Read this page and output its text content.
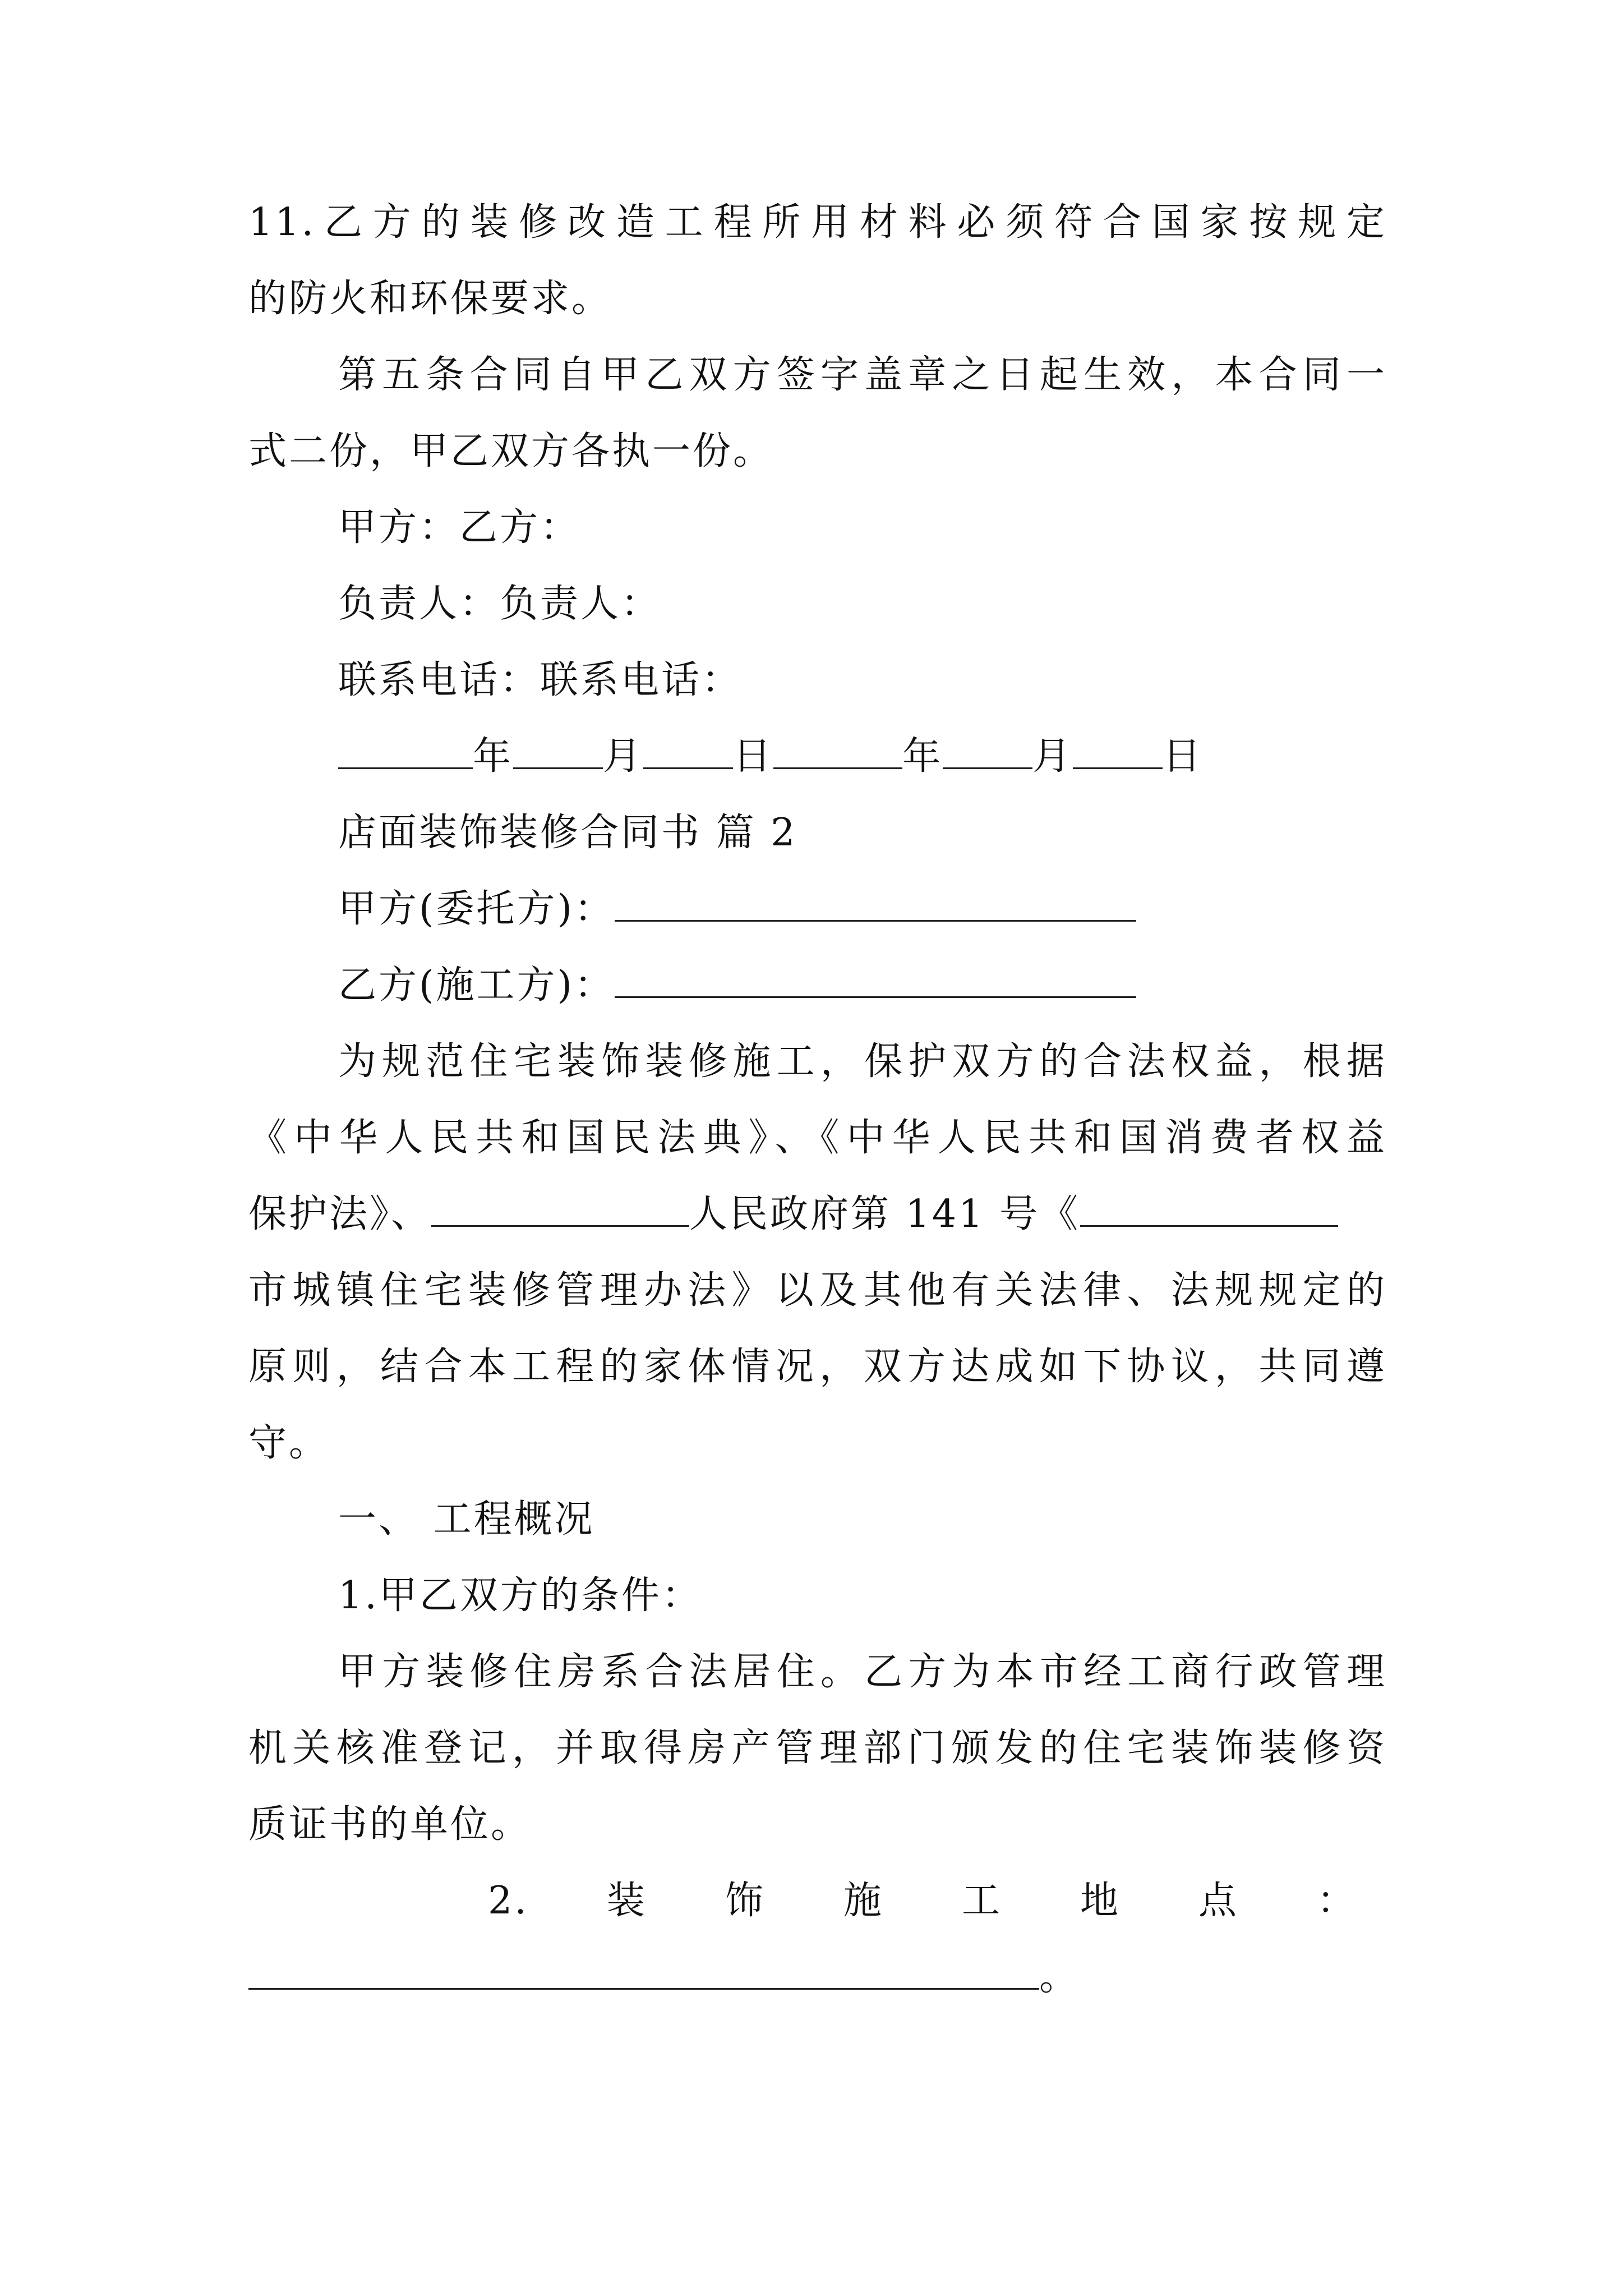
11.乙方的装修改造工程所用材料必须符合国家按规定
的防火和环保要求。
第五条合同自甲乙双方签字盖章之日起生效，本合同一
式二份，甲乙双方各执一份。
甲方：乙方：
负责人：负责人：
联系电话：联系电话：
年 月 日	年 月 日
店面装饰装修合同书 篇 2
甲方(委托方)：
乙方(施工方)：
为规范住宅装饰装修施工，保护双方的合法权益，根据
《中华人民共和国民法典》、《中华人民共和国消费者权益
保护法》、	人民政府第 141 号《
市城镇住宅装修管理办法》以及其他有关法律、法规规定的
原则，结合本工程的家体情况，双方达成如下协议，共同遵
守。
一、 工程概况
1.甲乙双方的条件：
甲方装修住房系合法居住。乙方为本市经工商行政管理
机关核准登记，并取得房产管理部门颁发的住宅装饰装修资
质证书的单位。
2. 装 饰 施 工 地 点 ：
。
